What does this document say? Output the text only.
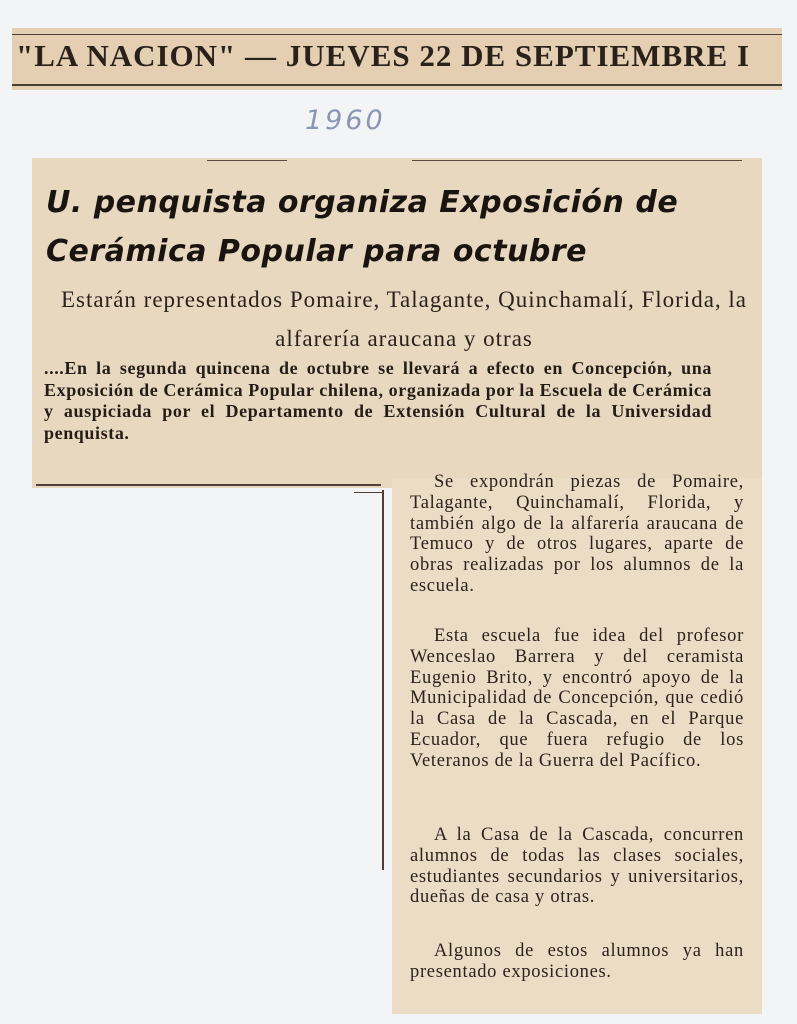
"LA NACION" — JUEVES 22 DE SEPTIEMBRE I
1960
U. penquista organiza Exposición de Cerámica Popular para octubre
Estarán representados Pomaire, Talagante, Quinchamalí, Florida, la alfarería araucana y otras
....En la segunda quincena de octubre se llevará a efecto en Concepción, una Exposición de Cerámica Popular chilena, organizada por la Escuela de Cerámica y auspiciada por el Departamento de Extensión Cultural de la Universidad penquista.
Se expondrán piezas de Pomaire, Talagante, Quinchamalí, Florida, y también algo de la alfarería araucana de Temuco y de otros lugares, aparte de obras realizadas por los alumnos de la escuela.
Esta escuela fue idea del profesor Wenceslao Barrera y del ceramista Eugenio Brito, y encontró apoyo de la Municipalidad de Concepción, que cedió la Casa de la Cascada, en el Parque Ecuador, que fuera refugio de los Veteranos de la Guerra del Pacífico.
A la Casa de la Cascada, concurren alumnos de todas las clases sociales, estudiantes secundarios y universitarios, dueñas de casa y otras.
Algunos de estos alumnos ya han presentado exposiciones.
